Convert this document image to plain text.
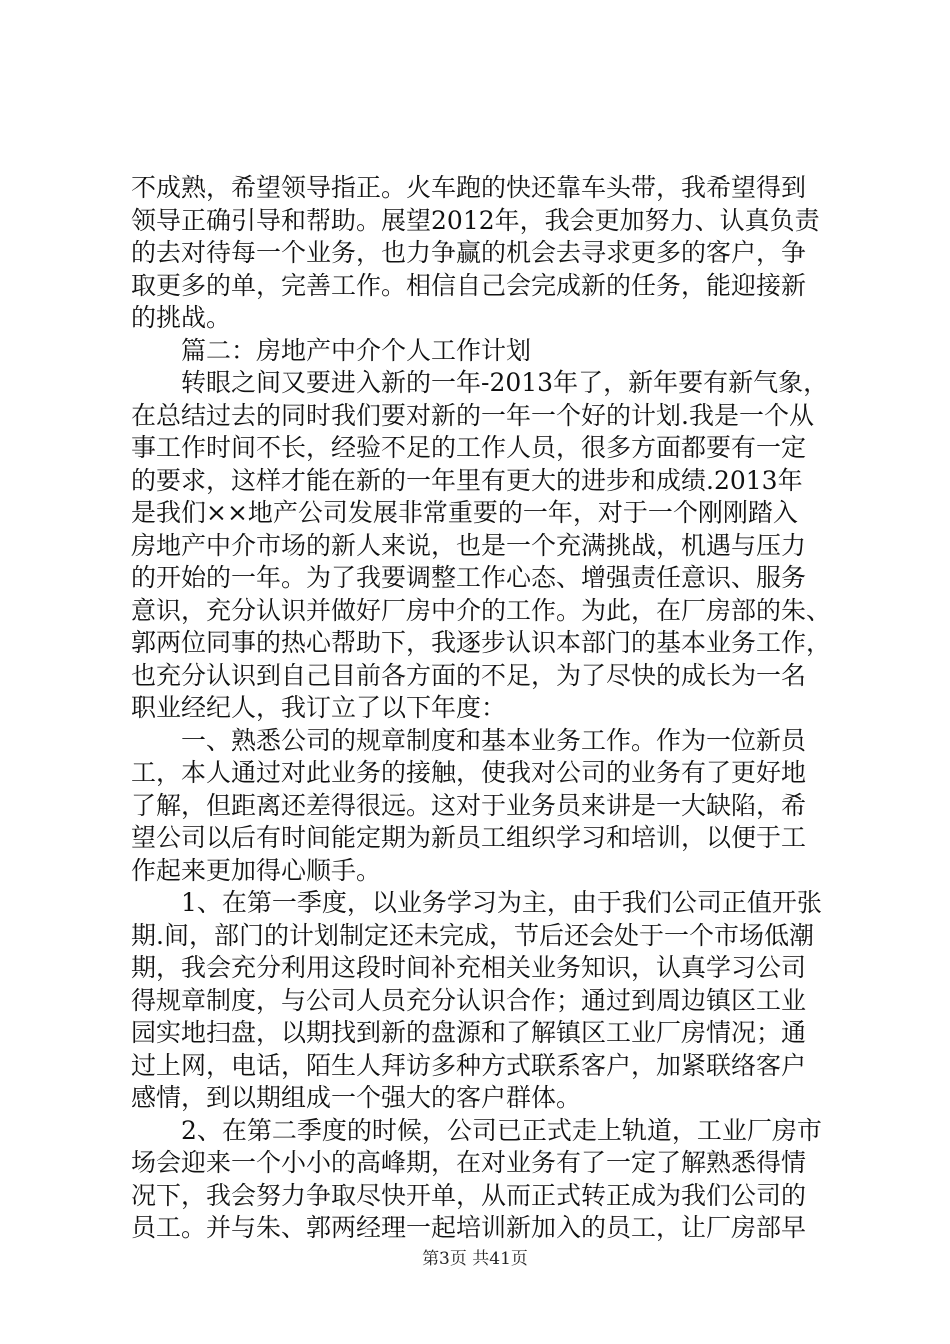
不成熟，希望领导指正。火车跑的快还靠车头带，我希望得到
领导正确引导和帮助。展望2012年，我会更加努力、认真负责
的去对待每一个业务，也力争赢的机会去寻求更多的客户，争
取更多的单，完善工作。相信自己会完成新的任务，能迎接新
的挑战。
　　篇二：房地产中介个人工作计划
　　转眼之间又要进入新的一年-2013年了，新年要有新气象，
在总结过去的同时我们要对新的一年一个好的计划.我是一个从
事工作时间不长，经验不足的工作人员，很多方面都要有一定
的要求，这样才能在新的一年里有更大的进步和成绩.2013年
是我们××地产公司发展非常重要的一年，对于一个刚刚踏入
房地产中介市场的新人来说，也是一个充满挑战，机遇与压力
的开始的一年。为了我要调整工作心态、增强责任意识、服务
意识，充分认识并做好厂房中介的工作。为此，在厂房部的朱、
郭两位同事的热心帮助下，我逐步认识本部门的基本业务工作，
也充分认识到自己目前各方面的不足，为了尽快的成长为一名
职业经纪人，我订立了以下年度：
　　一、熟悉公司的规章制度和基本业务工作。作为一位新员
工，本人通过对此业务的接触，使我对公司的业务有了更好地
了解，但距离还差得很远。这对于业务员来讲是一大缺陷，希
望公司以后有时间能定期为新员工组织学习和培训，以便于工
作起来更加得心顺手。
　　1、在第一季度，以业务学习为主，由于我们公司正值开张
期.间，部门的计划制定还未完成，节后还会处于一个市场低潮
期，我会充分利用这段时间补充相关业务知识，认真学习公司
得规章制度，与公司人员充分认识合作；通过到周边镇区工业
园实地扫盘，以期找到新的盘源和了解镇区工业厂房情况；通
过上网，电话，陌生人拜访多种方式联系客户，加紧联络客户
感情，到以期组成一个强大的客户群体。
　　2、在第二季度的时候，公司已正式走上轨道，工业厂房市
场会迎来一个小小的高峰期，在对业务有了一定了解熟悉得情
况下，我会努力争取尽快开单，从而正式转正成为我们公司的
员工。并与朱、郭两经理一起培训新加入的员工，让厂房部早
第3页 共41页
